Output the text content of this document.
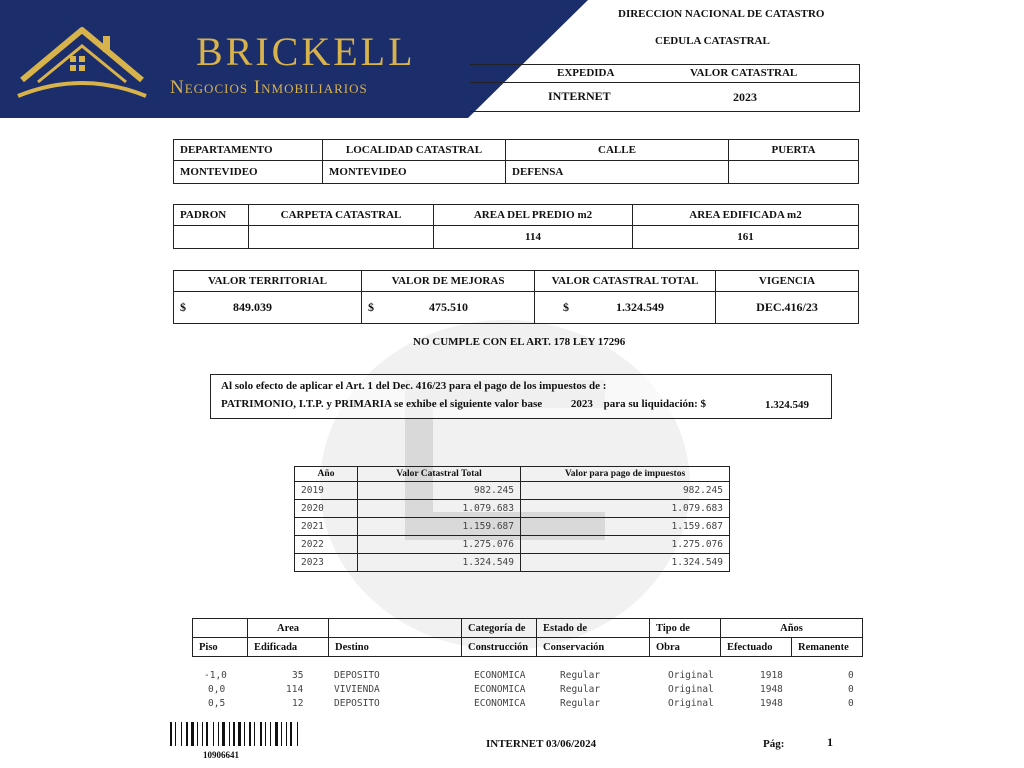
BRICKELL
Negocios Inmobiliarios
DIRECCION NACIONAL DE CATASTRO
CEDULA CATASTRAL
EXPEDIDA	VALOR CATASTRAL
INTERNET	2023
DEPARTAMENTO	LOCALIDAD CATASTRAL	CALLE	PUERTA
MONTEVIDEO	MONTEVIDEO	DEFENSA	
PADRON	CARPETA CATASTRAL	AREA DEL PREDIO m2	AREA EDIFICADA m2
		114	161
VALOR TERRITORIAL	VALOR DE MEJORAS	VALOR CATASTRAL TOTAL	VIGENCIA
$ 849.039	$ 475.510	$ 1.324.549	DEC.416/23
NO CUMPLE CON EL ART. 178 LEY 17296
Al solo efecto de aplicar el Art. 1 del Dec. 416/23 para el pago de los impuestos de :
PATRIMONIO, I.T.P. y PRIMARIA se exhibe el siguiente valor base	2023 para su liquidación: $	1.324.549
Año	Valor Catastral Total	Valor para pago de impuestos
2019	982.245	982.245
2020	1.079.683	1.079.683
2021	1.159.687	1.159.687
2022	1.275.076	1.275.076
2023	1.324.549	1.324.549
	Area		Categoría de	Estado de	Tipo de	Años	
Piso	Edificada	Destino	Construcción	Conservación	Obra	Efectuado	Remanente
-1,0	35	DEPOSITO	ECONOMICA	Regular	Original	1918	0
0,0	114	VIVIENDA	ECONOMICA	Regular	Original	1948	0
0,5	12	DEPOSITO	ECONOMICA	Regular	Original	1948	0
10906641
INTERNET 03/06/2024	Pág:	1
